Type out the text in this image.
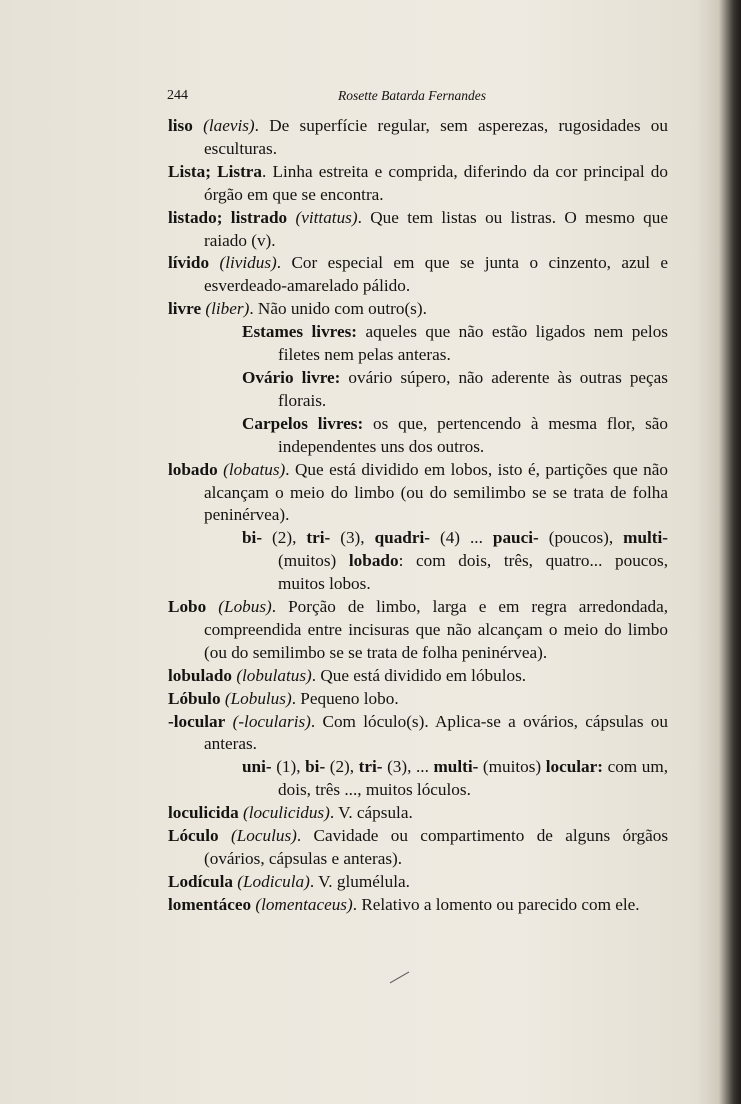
244	Rosette Batarda Fernandes
liso (laevis). De superfície regular, sem asperezas, rugosidades ou esculturas.
Lista; Listra. Linha estreita e comprida, diferindo da cor principal do órgão em que se encontra.
listado; listrado (vittatus). Que tem listas ou listras. O mesmo que raiado (v).
lívido (lividus). Cor especial em que se junta o cinzento, azul e esverdeado-amarelado pálido.
livre (liber). Não unido com outro(s).
Estames livres: aqueles que não estão ligados nem pelos filetes nem pelas anteras.
Ovário livre: ovário súpero, não aderente às outras peças florais.
Carpelos livres: os que, pertencendo à mesma flor, são independentes uns dos outros.
lobado (lobatus). Que está dividido em lobos, isto é, partições que não alcançam o meio do limbo (ou do semilimbo se se trata de folha peninérvea).
bi- (2), tri- (3), quadri- (4) ... pauci- (poucos), multi- (muitos) lobado: com dois, três, quatro... poucos, muitos lobos.
Lobo (Lobus). Porção de limbo, larga e em regra arredondada, compreendida entre incisuras que não alcançam o meio do limbo (ou do semilimbo se se trata de folha peninérvea).
lobulado (lobulatus). Que está dividido em lóbulos.
Lóbulo (Lobulus). Pequeno lobo.
-locular (-locularis). Com lóculo(s). Aplica-se a ovários, cápsulas ou anteras.
uni- (1), bi- (2), tri- (3), ... multi- (muitos) locular: com um, dois, três ..., muitos lóculos.
loculicida (loculicidus). V. cápsula.
Lóculo (Loculus). Cavidade ou compartimento de alguns órgãos (ovários, cápsulas e anteras).
Lodícula (Lodicula). V. glumélula.
lomentáceo (lomentaceus). Relativo a lomento ou parecido com ele.
